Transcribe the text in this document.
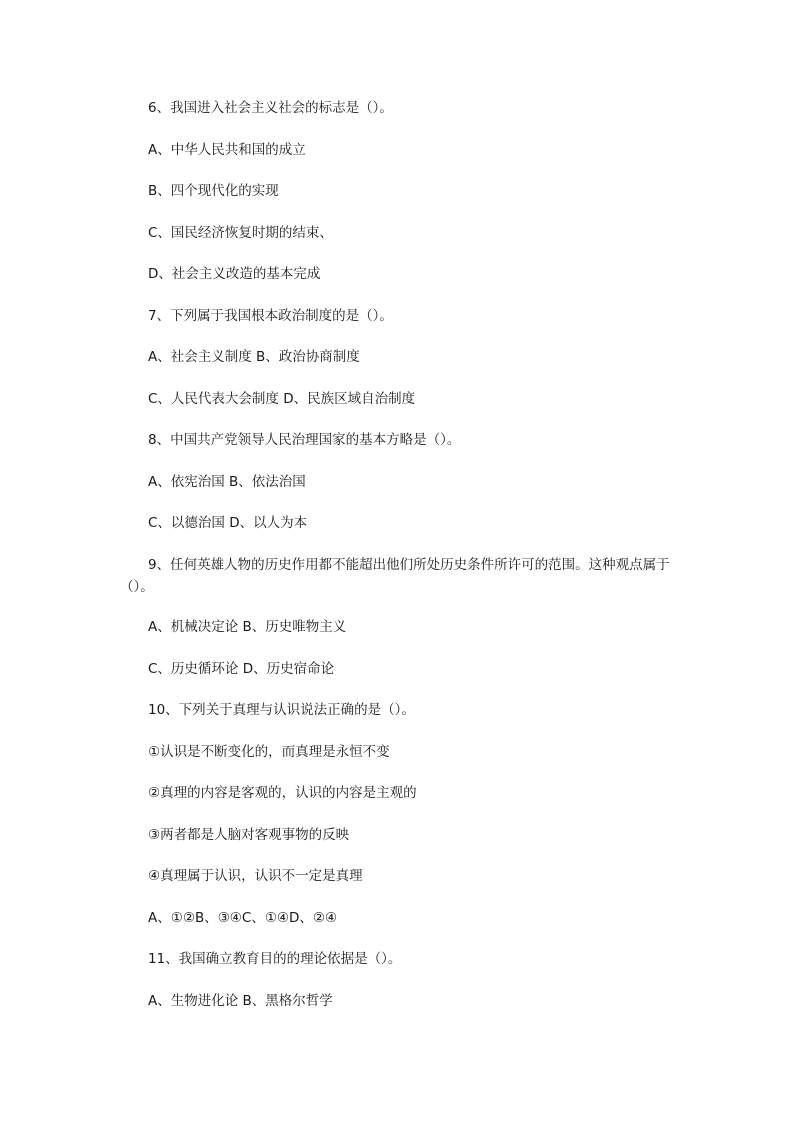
6、我国进入社会主义社会的标志是（）。
A、中华人民共和国的成立
B、四个现代化的实现
C、国民经济恢复时期的结束、
D、社会主义改造的基本完成
7、下列属于我国根本政治制度的是（）。
A、社会主义制度 B、政治协商制度
C、人民代表大会制度 D、民族区域自治制度
8、中国共产党领导人民治理国家的基本方略是（）。
A、依宪治国 B、依法治国
C、以德治国 D、以人为本
9、任何英雄人物的历史作用都不能超出他们所处历史条件所许可的范围。这种观点属于（）。
A、机械决定论 B、历史唯物主义
C、历史循环论 D、历史宿命论
10、下列关于真理与认识说法正确的是（）。
①认识是不断变化的，而真理是永恒不变
②真理的内容是客观的，认识的内容是主观的
③两者都是人脑对客观事物的反映
④真理属于认识，认识不一定是真理
A、①②B、③④C、①④D、②④
11、我国确立教育目的的理论依据是（）。
A、生物进化论 B、黑格尔哲学
